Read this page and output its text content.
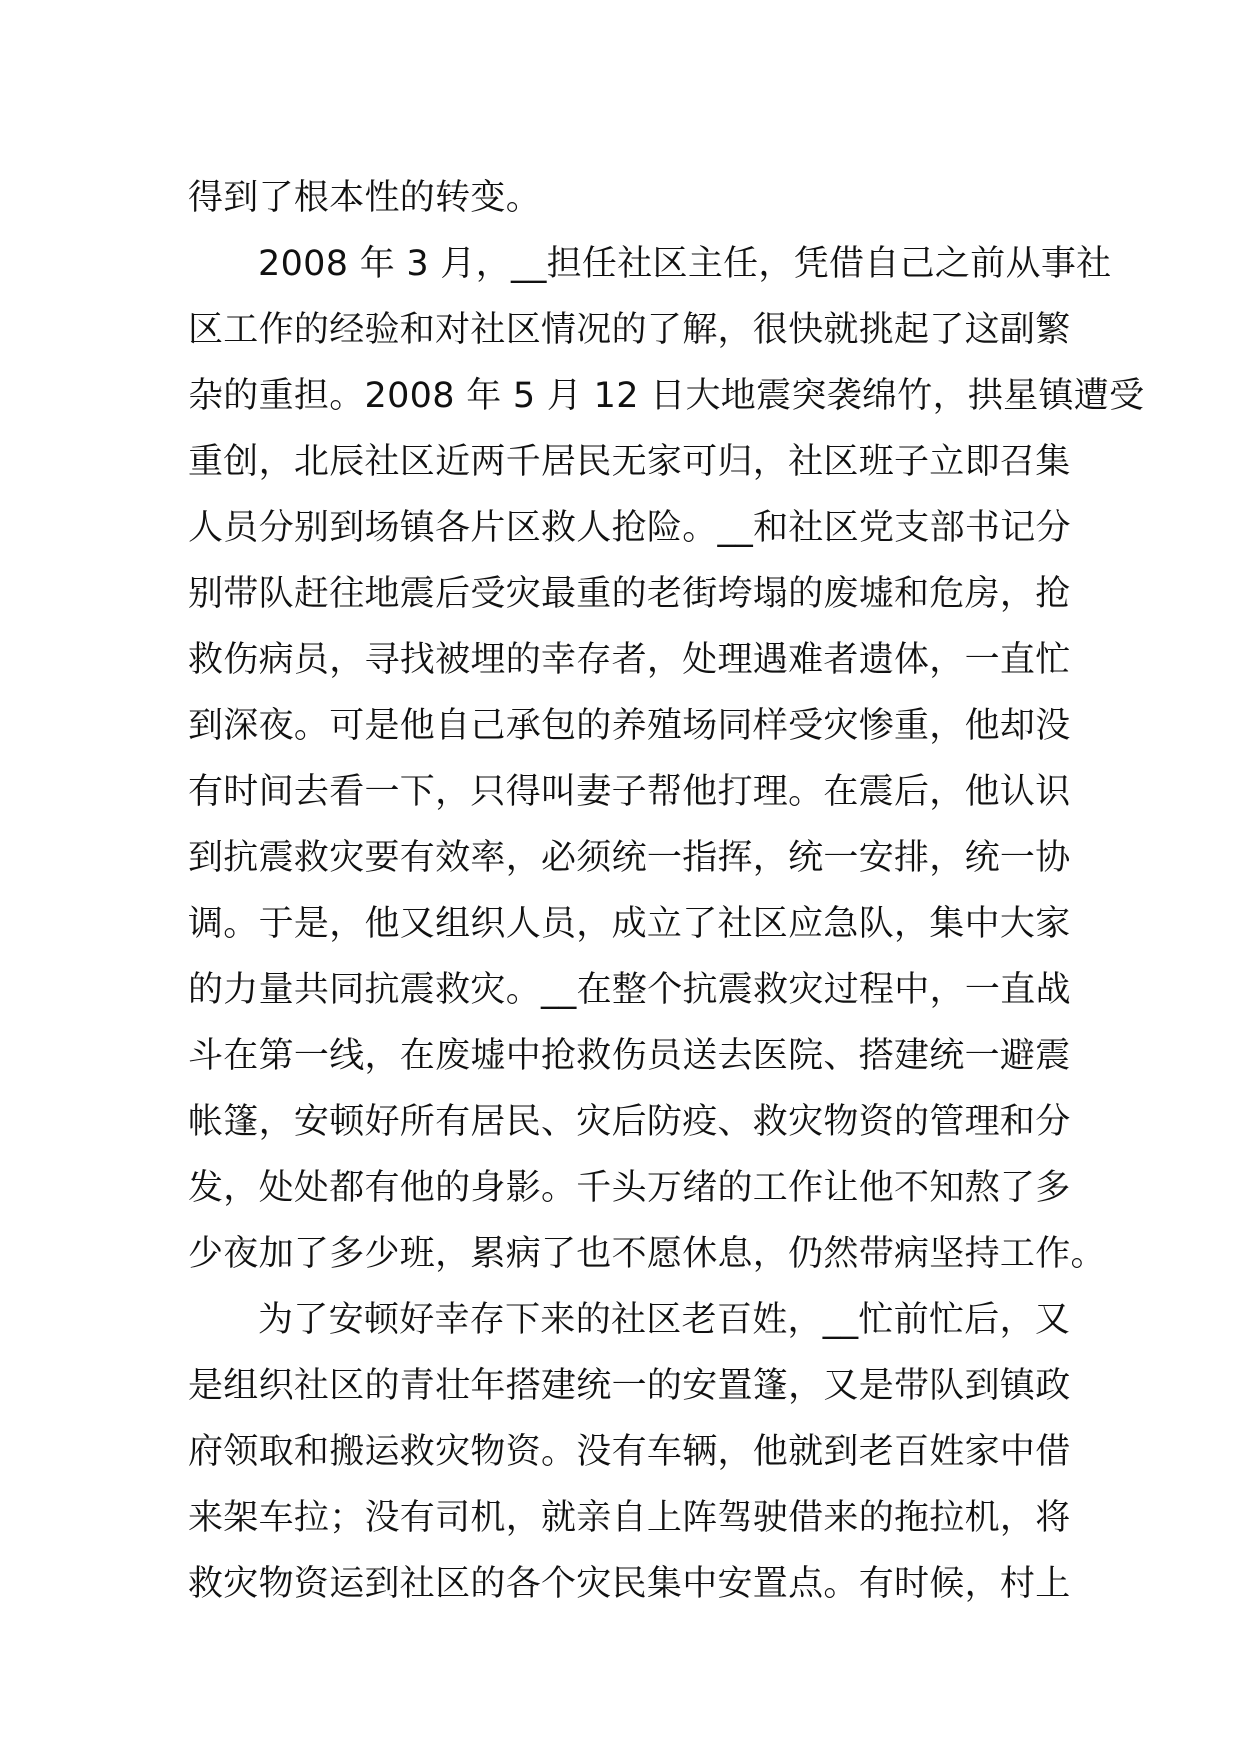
得到了根本性的转变。
2008 年 3 月，__担任社区主任，凭借自己之前从事社
区工作的经验和对社区情况的了解，很快就挑起了这副繁
杂的重担。2008 年 5 月 12 日大地震突袭绵竹，拱星镇遭受
重创，北辰社区近两千居民无家可归，社区班子立即召集
人员分别到场镇各片区救人抢险。__和社区党支部书记分
别带队赶往地震后受灾最重的老街垮塌的废墟和危房，抢
救伤病员，寻找被埋的幸存者，处理遇难者遗体，一直忙
到深夜。可是他自己承包的养殖场同样受灾惨重，他却没
有时间去看一下，只得叫妻子帮他打理。在震后，他认识
到抗震救灾要有效率，必须统一指挥，统一安排，统一协
调。于是，他又组织人员，成立了社区应急队，集中大家
的力量共同抗震救灾。__在整个抗震救灾过程中，一直战
斗在第一线，在废墟中抢救伤员送去医院、搭建统一避震
帐篷，安顿好所有居民、灾后防疫、救灾物资的管理和分
发，处处都有他的身影。千头万绪的工作让他不知熬了多
少夜加了多少班，累病了也不愿休息，仍然带病坚持工作。
为了安顿好幸存下来的社区老百姓，__忙前忙后，又
是组织社区的青壮年搭建统一的安置篷，又是带队到镇政
府领取和搬运救灾物资。没有车辆，他就到老百姓家中借
来架车拉；没有司机，就亲自上阵驾驶借来的拖拉机，将
救灾物资运到社区的各个灾民集中安置点。有时候，村上
